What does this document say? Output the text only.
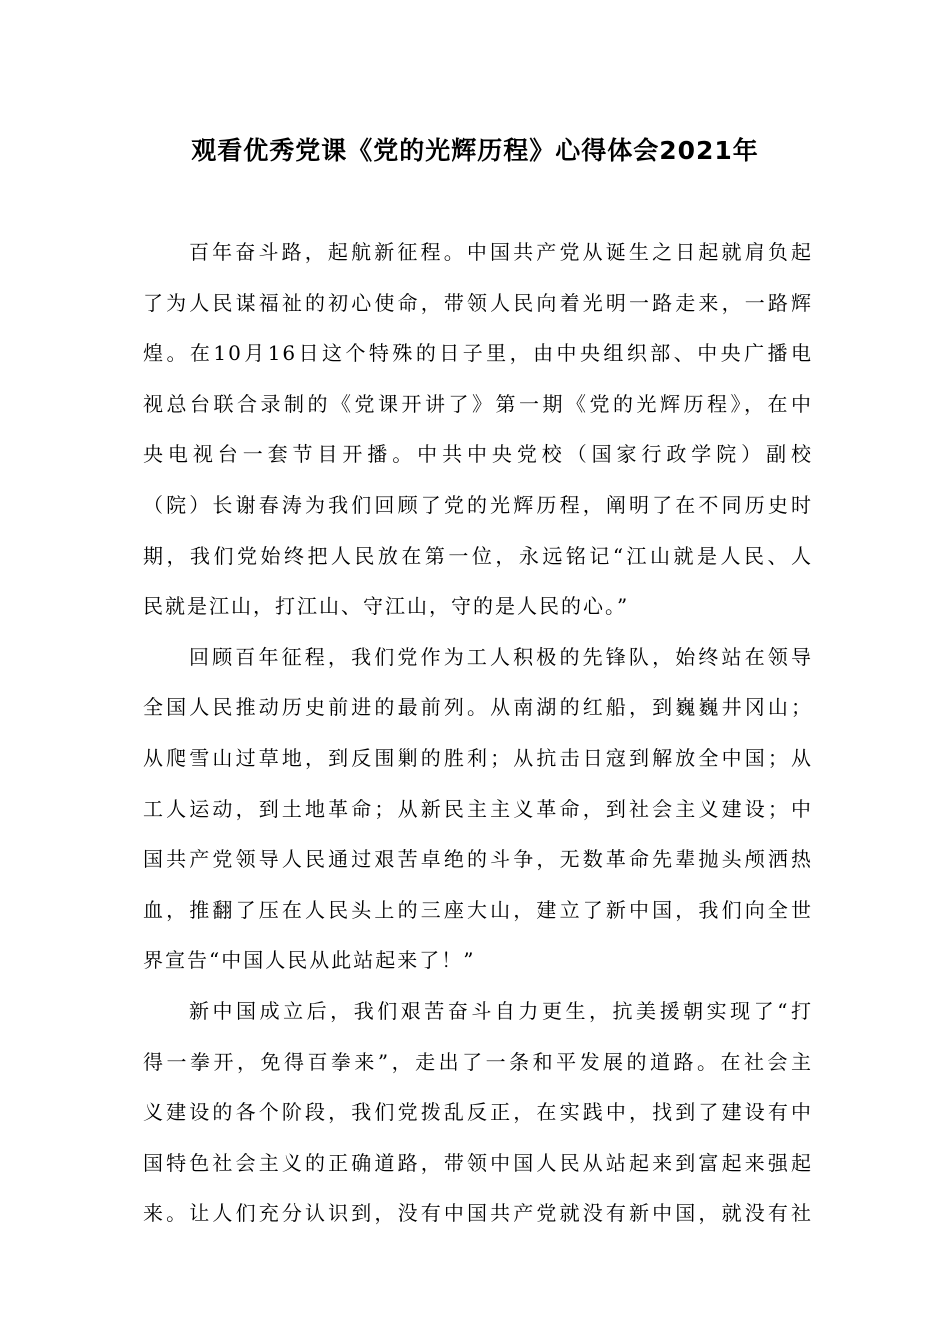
观看优秀党课《党的光辉历程》心得体会2021年
百年奋斗路，起航新征程。中国共产党从诞生之日起就肩负起
了为人民谋福祉的初心使命，带领人民向着光明一路走来，一路辉
煌。在10月16日这个特殊的日子里，由中央组织部、中央广播电
视总台联合录制的《党课开讲了》第一期《党的光辉历程》，在中
央电视台一套节目开播。中共中央党校（国家行政学院）副校
（院）长谢春涛为我们回顾了党的光辉历程，阐明了在不同历史时
期，我们党始终把人民放在第一位，永远铭记“江山就是人民、人
民就是江山，打江山、守江山，守的是人民的心。”
回顾百年征程，我们党作为工人积极的先锋队，始终站在领导
全国人民推动历史前进的最前列。从南湖的红船，到巍巍井冈山；
从爬雪山过草地，到反围剿的胜利；从抗击日寇到解放全中国；从
工人运动，到土地革命；从新民主主义革命，到社会主义建设；中
国共产党领导人民通过艰苦卓绝的斗争，无数革命先辈抛头颅洒热
血，推翻了压在人民头上的三座大山，建立了新中国，我们向全世
界宣告“中国人民从此站起来了！”
新中国成立后，我们艰苦奋斗自力更生，抗美援朝实现了“打
得一拳开，免得百拳来”，走出了一条和平发展的道路。在社会主
义建设的各个阶段，我们党拨乱反正，在实践中，找到了建设有中
国特色社会主义的正确道路，带领中国人民从站起来到富起来强起
来。让人们充分认识到，没有中国共产党就没有新中国，就没有社
